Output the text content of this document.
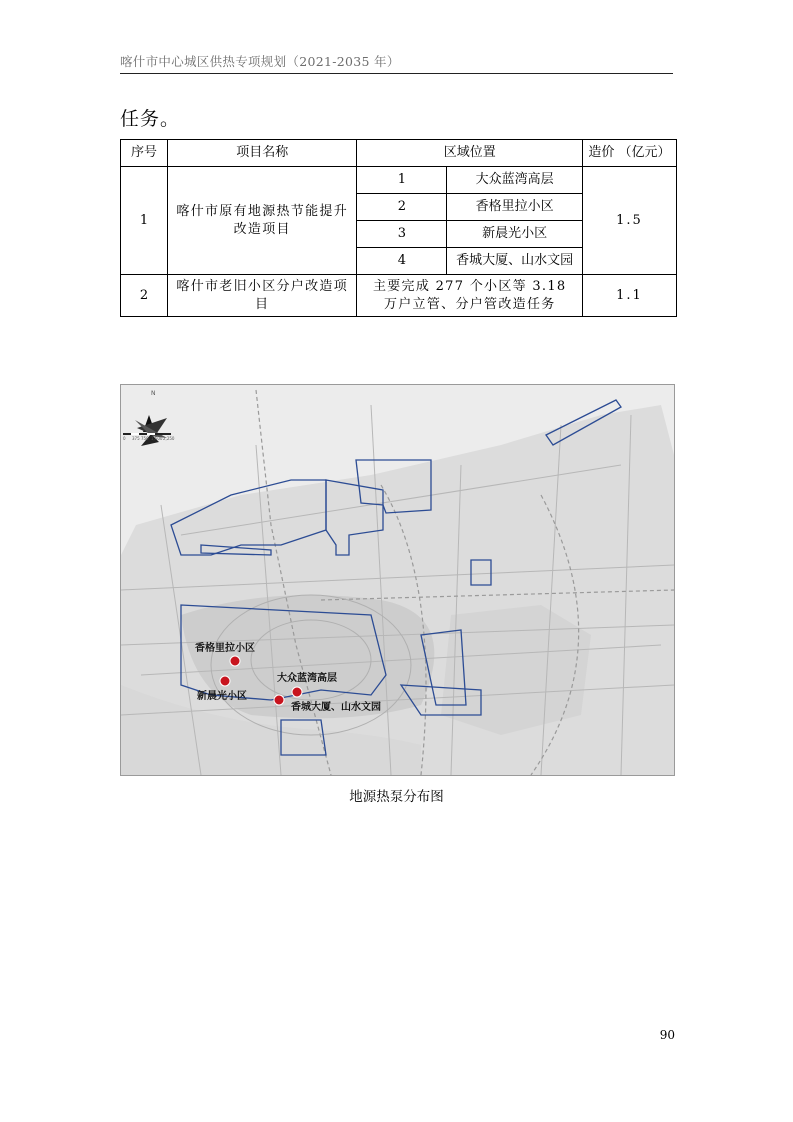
喀什市中心城区供热专项规划（2021-2035 年）
任务。
序号	项目名称	区域位置		造价 （亿元）
1	喀什市原有地源热节能提升改造项目	1	大众蓝湾高层	1.5
		2	香格里拉小区	
		3	新晨光小区	
		4	香城大厦、山水文园	
2	喀什市老旧小区分户改造项目	主要完成 277 个小区等 3.18 万户立管、分户管改造任务		1.1
N
0 375 750 1,500 2,250
香格里拉小区
新晨光小区
大众蓝湾高层
香城大厦、山水文园
地源热泵分布图
90
